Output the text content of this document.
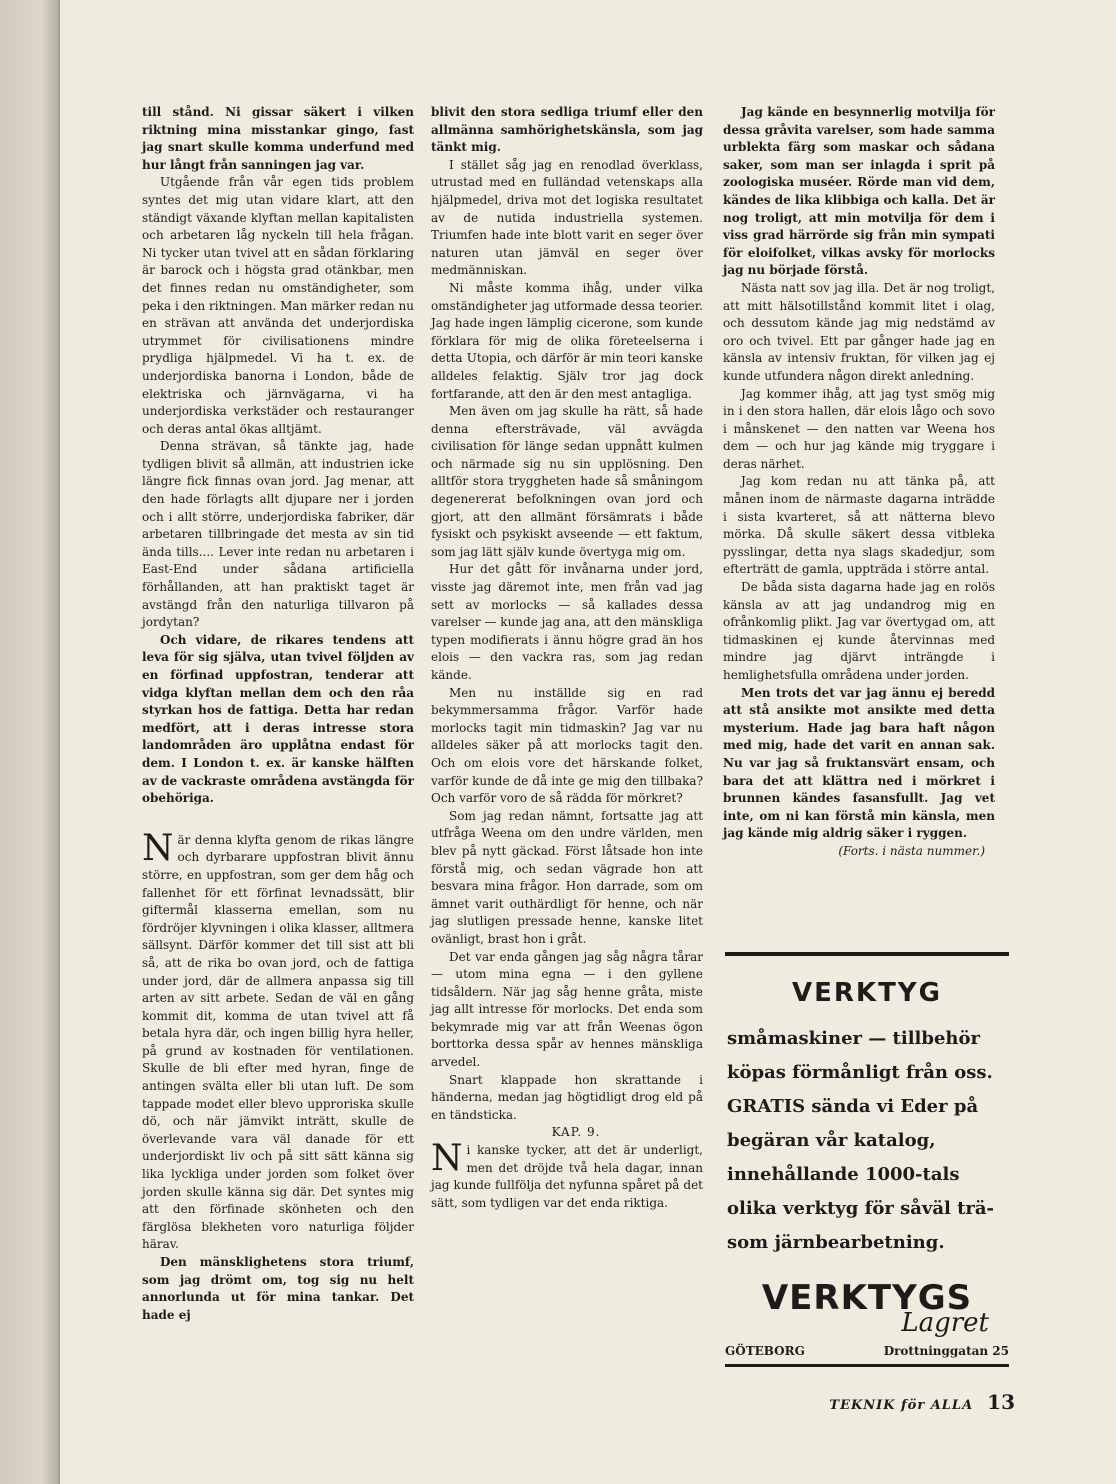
till stånd. Ni gissar säkert i vilken riktning mina misstankar gingo, fast jag snart skulle komma underfund med hur långt från sanningen jag var.

Utgående från vår egen tids problem syntes det mig utan vidare klart, att den ständigt växande klyftan mellan kapitalisten och arbetaren låg nyckeln till hela frågan. Ni tycker utan tvivel att en sådan förklaring är barock och i högsta grad otänkbar, men det finnes redan nu omständigheter, som peka i den riktningen. Man märker redan nu en strävan att använda det underjordiska utrymmet för civilisationens mindre prydliga hjälpmedel. Vi ha t. ex. de underjordiska banorna i London, både de elektriska och järnvägarna, vi ha underjordiska verkstäder och restauranger och deras antal ökas alltjämt.

Denna strävan, så tänkte jag, hade tydligen blivit så allmän, att industrien icke längre fick finnas ovan jord. Jag menar, att den hade förlagts allt djupare ner i jorden och i allt större, underjordiska fabriker, där arbetaren tillbringade det mesta av sin tid ända tills.... Lever inte redan nu arbetaren i East-End under sådana artificiella förhållanden, att han praktiskt taget är avstängd från den naturliga tillvaron på jordytan?

Och vidare, de rikares tendens att leva för sig själva, utan tvivel följden av en förfinad uppfostran, tenderar att vidga klyftan mellan dem och den råa styrkan hos de fattiga. Detta har redan medfört, att i deras intresse stora landområden äro upplåtna endast för dem. I London t. ex. är kanske hälften av de vackraste områdena avstängda för obehöriga.

När denna klyfta genom de rikas längre och dyrbarare uppfostran blivit ännu större, en uppfostran, som ger dem håg och fallenhet för ett förfinat levnadssätt, blir giftermål klasserna emellan, som nu fördröjer klyvningen i olika klasser, alltmera sällsynt. Därför kommer det till sist att bli så, att de rika bo ovan jord, och de fattiga under jord, där de allmera anpassa sig till arten av sitt arbete. Sedan de väl en gång kommit dit, komma de utan tvivel att få betala hyra där, och ingen billig hyra heller, på grund av kostnaden för ventilationen. Skulle de bli efter med hyran, finge de antingen svälta eller bli utan luft. De som tappade modet eller blevo upproriska skulle dö, och när jämvikt inträtt, skulle de överlevande vara väl danade för ett underjordiskt liv och på sitt sätt känna sig lika lyckliga under jorden som folket över jorden skulle känna sig där. Det syntes mig att den förfinade skönheten och den färglösa blekheten voro naturliga följder härav.

Den mänsklighetens stora triumf, som jag drömt om, tog sig nu helt annorlunda ut för mina tankar. Det hade ej

blivit den stora sedliga triumf eller den allmänna samhörighetskänsla, som jag tänkt mig.

I stället såg jag en renodlad överklass, utrustad med en fulländad vetenskaps alla hjälpmedel, driva mot det logiska resultatet av de nutida industriella systemen. Triumfen hade inte blott varit en seger över naturen utan jämväl en seger över medmänniskan.

Ni måste komma ihåg, under vilka omständigheter jag utformade dessa teorier. Jag hade ingen lämplig cicerone, som kunde förklara för mig de olika företeelserna i detta Utopia, och därför är min teori kanske alldeles felaktig. Själv tror jag dock fortfarande, att den är den mest antagliga.

Men även om jag skulle ha rätt, så hade denna eftersträvade, väl avvägda civilisation för länge sedan uppnått kulmen och närmade sig nu sin upplösning. Den alltför stora tryggheten hade så småningom degenererat befolkningen ovan jord och gjort, att den allmänt försämrats i både fysiskt och psykiskt avseende — ett faktum, som jag lätt själv kunde övertyga mig om.

Hur det gått för invånarna under jord, visste jag däremot inte, men från vad jag sett av morlocks — så kallades dessa varelser — kunde jag ana, att den mänskliga typen modifierats i ännu högre grad än hos elois — den vackra ras, som jag redan kände.

Men nu inställde sig en rad bekymmersamma frågor. Varför hade morlocks tagit min tidmaskin? Jag var nu alldeles säker på att morlocks tagit den. Och om elois vore det härskande folket, varför kunde de då inte ge mig den tillbaka? Och varför voro de så rädda för mörkret?

Som jag redan nämnt, fortsatte jag att utfråga Weena om den undre världen, men blev på nytt gäckad. Först låtsade hon inte förstå mig, och sedan vägrade hon att besvara mina frågor. Hon darrade, som om ämnet varit outhärdligt för henne, och när jag slutligen pressade henne, kanske litet ovänligt, brast hon i gråt.

Det var enda gången jag såg några tårar — utom mina egna — i den gyllene tidsåldern. När jag såg henne gråta, miste jag allt intresse för morlocks. Det enda som bekymrade mig var att från Weenas ögon borttorka dessa spår av hennes mänskliga arvedel.

Snart klappade hon skrattande i händerna, medan jag högtidligt drog eld på en tändsticka.

KAP. 9.

Ni kanske tycker, att det är underligt, men det dröjde två hela dagar, innan jag kunde fullfölja det nyfunna spåret på det sätt, som tydligen var det enda riktiga.

Jag kände en besynnerlig motvilja för dessa gråvita varelser, som hade samma urblekta färg som maskar och sådana saker, som man ser inlagda i sprit på zoologiska muséer. Rörde man vid dem, kändes de lika klibbiga och kalla. Det är nog troligt, att min motvilja för dem i viss grad härrörde sig från min sympati för eloifolket, vilkas avsky för morlocks jag nu började förstå.

Nästa natt sov jag illa. Det är nog troligt, att mitt hälsotillstånd kommit litet i olag, och dessutom kände jag mig nedstämd av oro och tvivel. Ett par gånger hade jag en känsla av intensiv fruktan, för vilken jag ej kunde utfundera någon direkt anledning.

Jag kommer ihåg, att jag tyst smög mig in i den stora hallen, där elois lågo och sovo i månskenet — den natten var Weena hos dem — och hur jag kände mig tryggare i deras närhet.

Jag kom redan nu att tänka på, att månen inom de närmaste dagarna inträdde i sista kvarteret, så att nätterna blevo mörka. Då skulle säkert dessa vitbleka pysslingar, detta nya slags skadedjur, som efterträtt de gamla, uppträda i större antal.

De båda sista dagarna hade jag en rolös känsla av att jag undandrog mig en ofrånkomlig plikt. Jag var övertygad om, att tidmaskinen ej kunde återvinnas med mindre jag djärvt inträngde i hemlighetsfulla områdena under jorden.

Men trots det var jag ännu ej beredd att stå ansikte mot ansikte med detta mysterium. Hade jag bara haft någon med mig, hade det varit en annan sak. Nu var jag så fruktansvärt ensam, och bara det att klättra ned i mörkret i brunnen kändes fasansfullt. Jag vet inte, om ni kan förstå min känsla, men jag kände mig aldrig säker i ryggen.

(Forts. i nästa nummer.)

VERKTYG

småmaskiner — tillbehör köpas förmånligt från oss. GRATIS sända vi Eder på begäran vår katalog, innehållande 1000-tals olika verktyg för såväl trä- som järnbearbetning.

VERKTYGS
Lagret
GÖTEBORG	Drottninggatan 25
TEKNIK för ALLA 13
